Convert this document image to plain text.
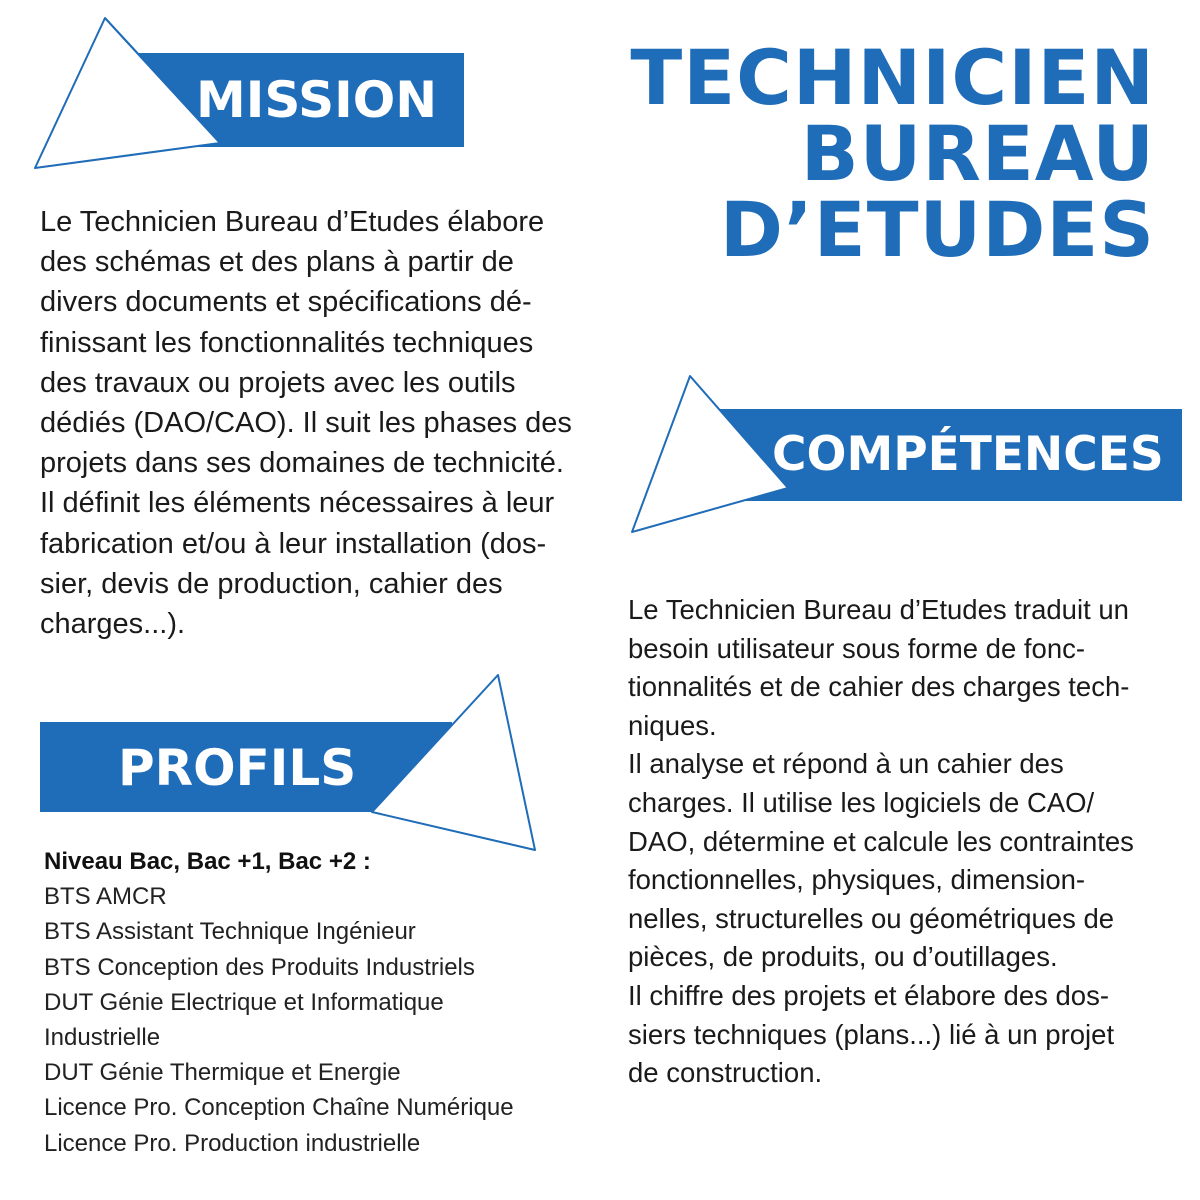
MISSION
COMPÉTENCES
PROFILS
TECHNICIEN
BUREAU
D’ETUDES

Le Technicien Bureau d’Etudes élabore

des schémas et des plans à partir de

divers documents et spécifications dé-

finissant les fonctionnalités techniques

des travaux ou projets avec les outils

dédiés (DAO/CAO). Il suit les phases des

projets dans ses domaines de technicité.

Il définit les éléments nécessaires à leur

fabrication et/ou à leur installation (dos-

sier, devis de production, cahier des

charges...).	Le Technicien Bureau d’Etudes traduit un

besoin utilisateur sous forme de fonc-

tionnalités et de cahier des charges tech-

niques.

Il analyse et répond à un cahier des

charges. Il utilise les logiciels de CAO/

DAO, détermine et calcule les contraintes

fonctionnelles, physiques, dimension-

nelles, structurelles ou géométriques de

pièces, de produits, ou d’outillages.

Il chiffre des projets et élabore des dos-

siers techniques (plans...) lié à un projet

de construction.

Niveau Bac, Bac +1, Bac +2 :

BTS AMCR

BTS Assistant Technique Ingénieur

BTS Conception des Produits Industriels

DUT Génie Electrique et Informatique

Industrielle

DUT Génie Thermique et Energie

Licence Pro. Conception Chaîne Numérique

Licence Pro. Production industrielle
